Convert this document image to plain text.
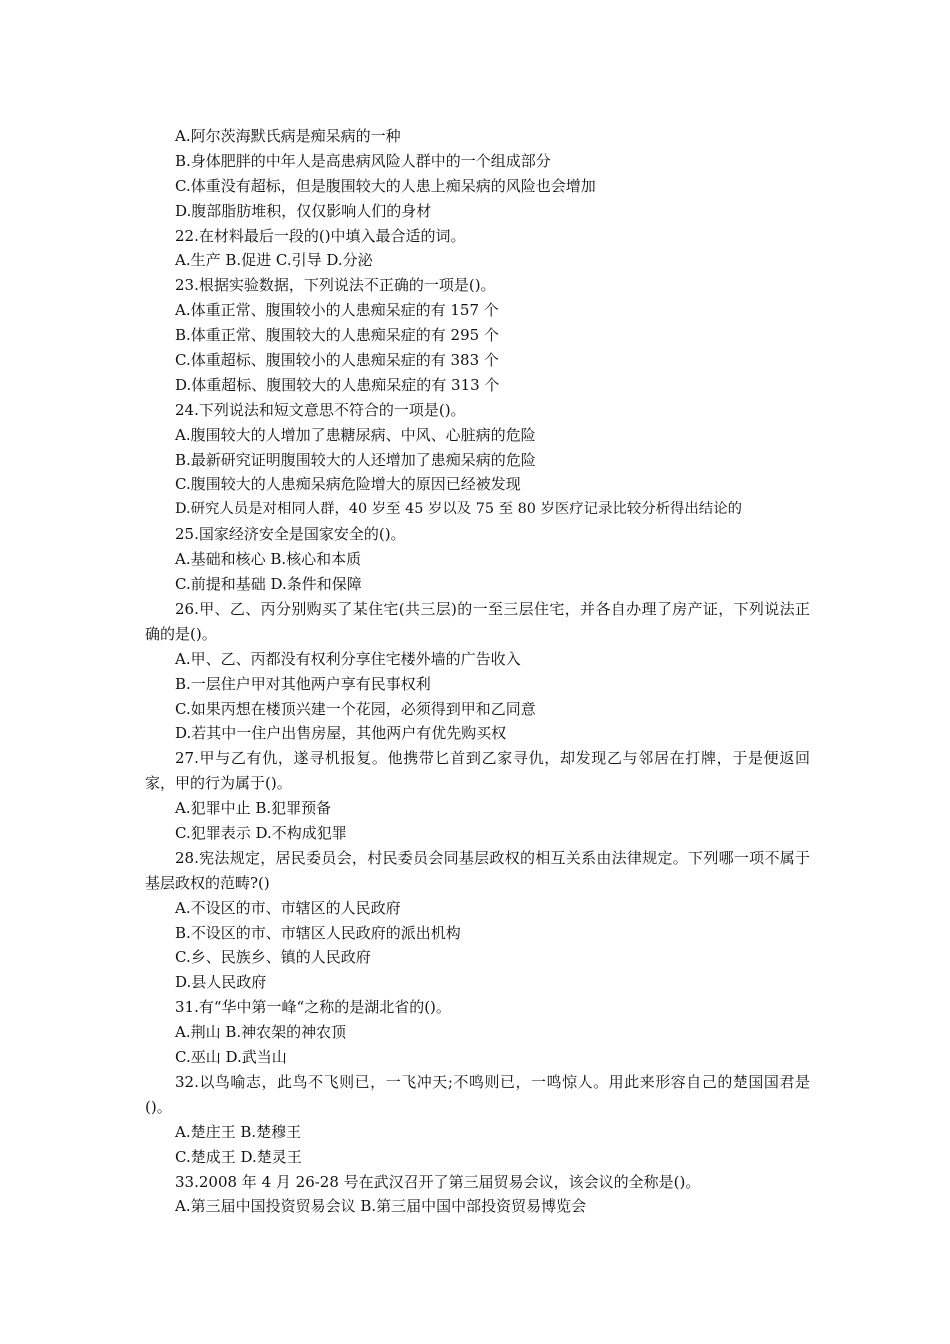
A.阿尔茨海默氏病是痴呆病的一种
B.身体肥胖的中年人是高患病风险人群中的一个组成部分
C.体重没有超标，但是腹围较大的人患上痴呆病的风险也会增加
D.腹部脂肪堆积，仅仅影响人们的身材
22.在材料最后一段的()中填入最合适的词。
A.生产 B.促进 C.引导 D.分泌
23.根据实验数据，下列说法不正确的一项是()。
A.体重正常、腹围较小的人患痴呆症的有 157 个
B.体重正常、腹围较大的人患痴呆症的有 295 个
C.体重超标、腹围较小的人患痴呆症的有 383 个
D.体重超标、腹围较大的人患痴呆症的有 313 个
24.下列说法和短文意思不符合的一项是()。
A.腹围较大的人增加了患糖尿病、中风、心脏病的危险
B.最新研究证明腹围较大的人还增加了患痴呆病的危险
C.腹围较大的人患痴呆病危险增大的原因已经被发现
D.研究人员是对相同人群，40 岁至 45 岁以及 75 至 80 岁医疗记录比较分析得出结论的
25.国家经济安全是国家安全的()。
A.基础和核心 B.核心和本质
C.前提和基础 D.条件和保障
26.甲、乙、丙分别购买了某住宅(共三层)的一至三层住宅，并各自办理了房产证，下列说法正确的是()。
A.甲、乙、丙都没有权利分享住宅楼外墙的广告收入
B.一层住户甲对其他两户享有民事权利
C.如果丙想在楼顶兴建一个花园，必须得到甲和乙同意
D.若其中一住户出售房屋，其他两户有优先购买权
27.甲与乙有仇，遂寻机报复。他携带匕首到乙家寻仇，却发现乙与邻居在打牌，于是便返回家，甲的行为属于()。
A.犯罪中止 B.犯罪预备
C.犯罪表示 D.不构成犯罪
28.宪法规定，居民委员会，村民委员会同基层政权的相互关系由法律规定。下列哪一项不属于基层政权的范畴?()
A.不设区的市、市辖区的人民政府
B.不设区的市、市辖区人民政府的派出机构
C.乡、民族乡、镇的人民政府
D.县人民政府
31.有“华中第一峰“之称的是湖北省的()。
A.荆山 B.神农架的神农顶
C.巫山 D.武当山
32.以鸟喻志，此鸟不飞则已，一飞冲天;不鸣则已，一鸣惊人。用此来形容自己的楚国国君是()。
A.楚庄王 B.楚穆王
C.楚成王 D.楚灵王
33.2008 年 4 月 26-28 号在武汉召开了第三届贸易会议，该会议的全称是()。
A.第三届中国投资贸易会议 B.第三届中国中部投资贸易博览会
